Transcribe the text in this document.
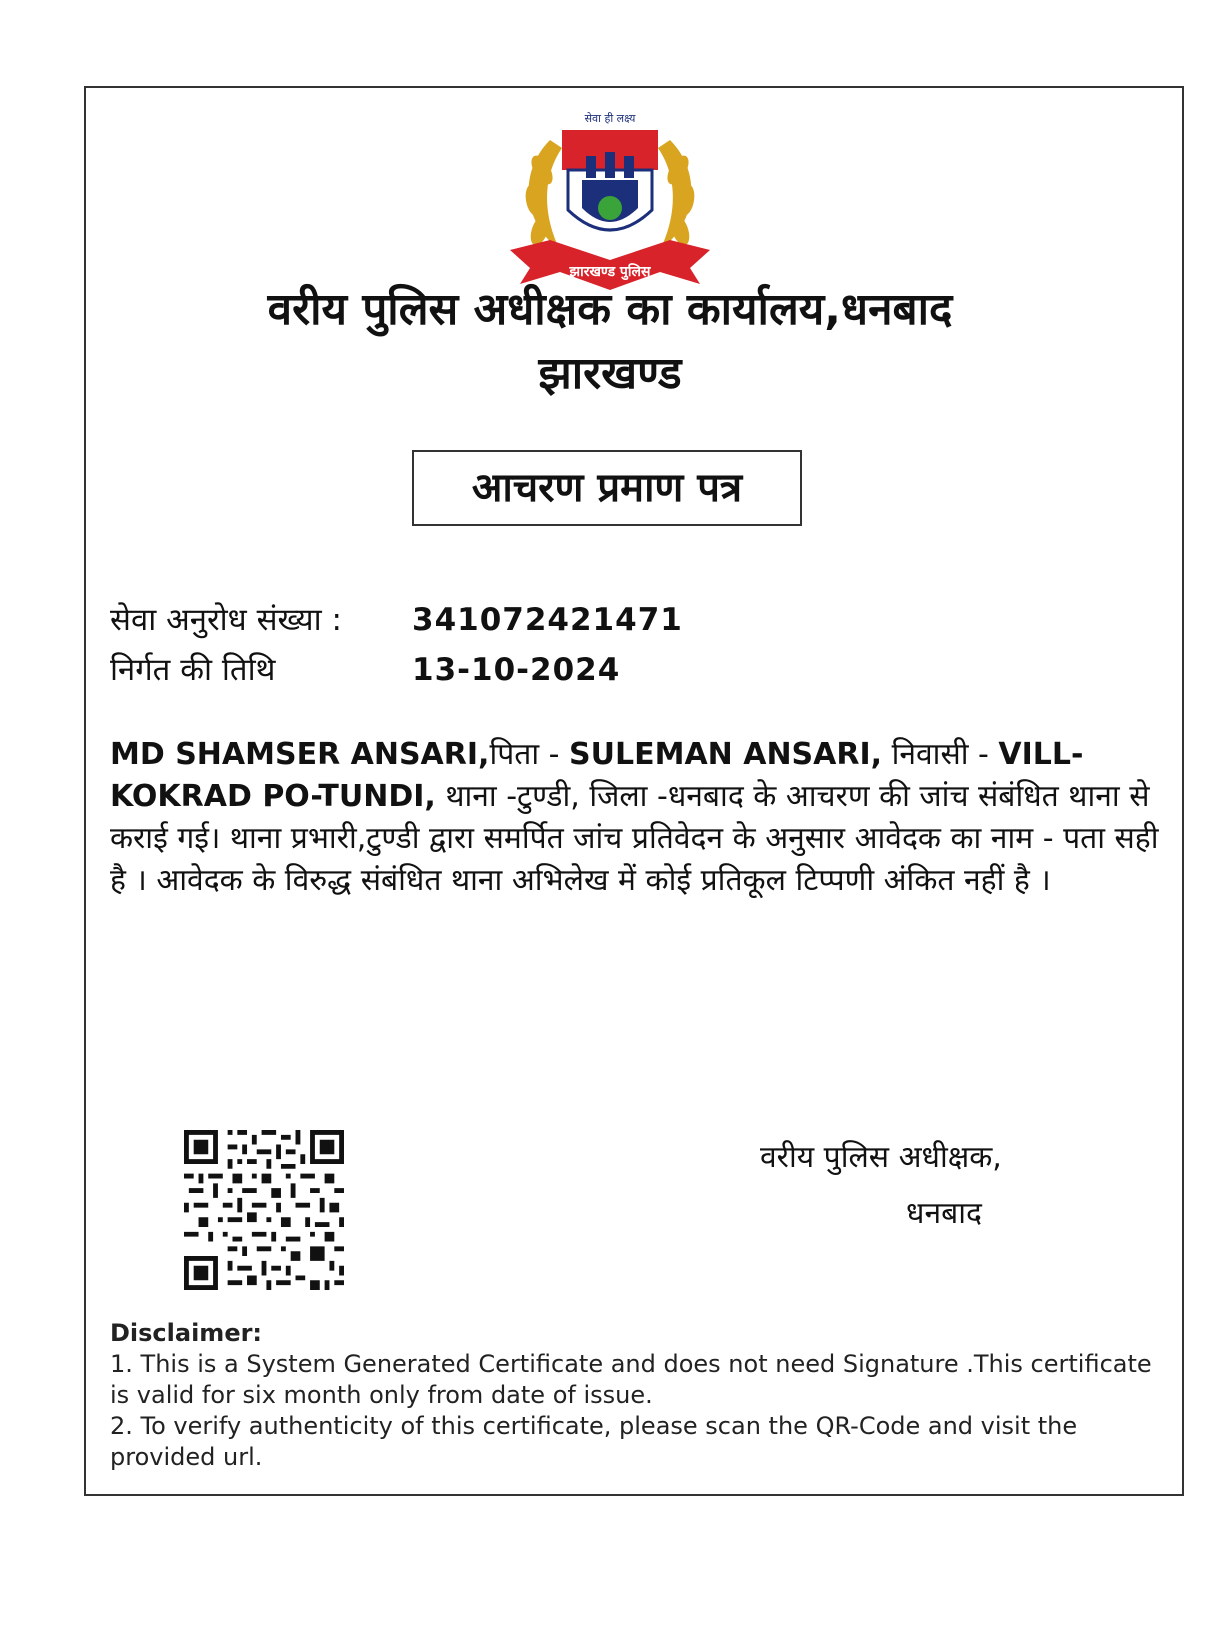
सेवा ही लक्ष्य
झारखण्ड पुलिस
वरीय पुलिस अधीक्षक का कार्यालय,धनबाद
झारखण्ड
आचरण प्रमाण पत्र
सेवा अनुरोध संख्या : 341072421471
निर्गत की तिथि	13-10-2024
MD SHAMSER ANSARI,पिता - SULEMAN ANSARI, निवासी - VILL-KOKRAD PO-TUNDI, थाना -टुण्डी, जिला -धनबाद के आचरण की जांच संबंधित थाना से कराई गई। थाना प्रभारी,टुण्डी द्वारा समर्पित जांच प्रतिवेदन के अनुसार आवेदक का नाम - पता सही है । आवेदक के विरुद्ध संबंधित थाना अभिलेख में कोई प्रतिकूल टिप्पणी अंकित नहीं है ।
वरीय पुलिस अधीक्षक,
धनबाद
Disclaimer:
1. This is a System Generated Certificate and does not need Signature .This certificate is valid for six month only from date of issue.
2. To verify authenticity of this certificate, please scan the QR-Code and visit the provided url.
